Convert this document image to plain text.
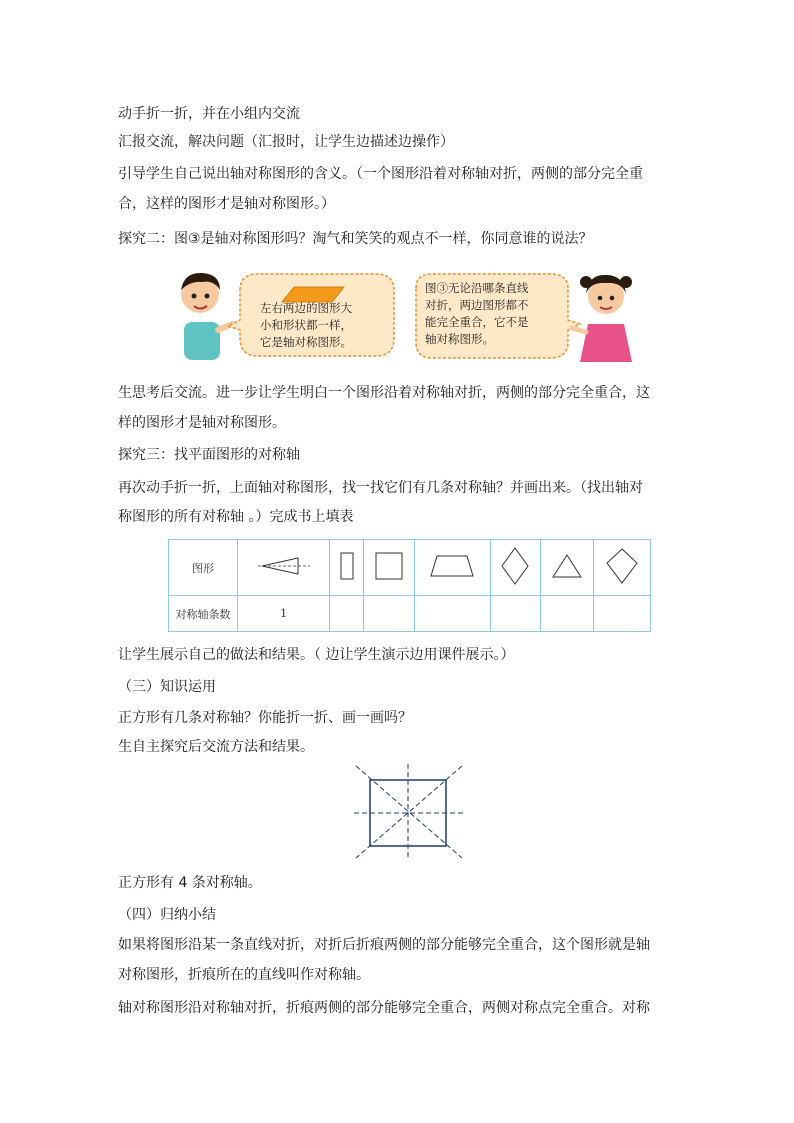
动手折一折，并在小组内交流

汇报交流，解决问题（汇报时，让学生边描述边操作）

引导学生自己说出轴对称图形的含义。（一个图形沿着对称轴对折，两侧的部分完全重

合，这样的图形才是轴对称图形。）

探究二：图③是轴对称图形吗？淘气和笑笑的观点不一样，你同意谁的说法？

左右两边的图形大
小和形状都一样，
它是轴对称图形。
图③无论沿哪条直线
对折，两边图形都不
能完全重合，它不是
轴对称图形。

生思考后交流。进一步让学生明白一个图形沿着对称轴对折，两侧的部分完全重合，这

样的图形才是轴对称图形。

探究三：找平面图形的对称轴

再次动手折一折，上面轴对称图形，找一找它们有几条对称轴？并画出来。（找出轴对

称图形的所有对称轴 。）完成书上填表

图形							
对称轴条数	1						

让学生展示自己的做法和结果。（ 边让学生演示边用课件展示。）

（三）知识运用

正方形有几条对称轴？你能折一折、画一画吗？

生自主探究后交流方法和结果。

正方形有 4 条对称轴。

（四）归纳小结

如果将图形沿某一条直线对折，对折后折痕两侧的部分能够完全重合，这个图形就是轴

对称图形，折痕所在的直线叫作对称轴。

轴对称图形沿对称轴对折，折痕两侧的部分能够完全重合，两侧对称点完全重合。对称
